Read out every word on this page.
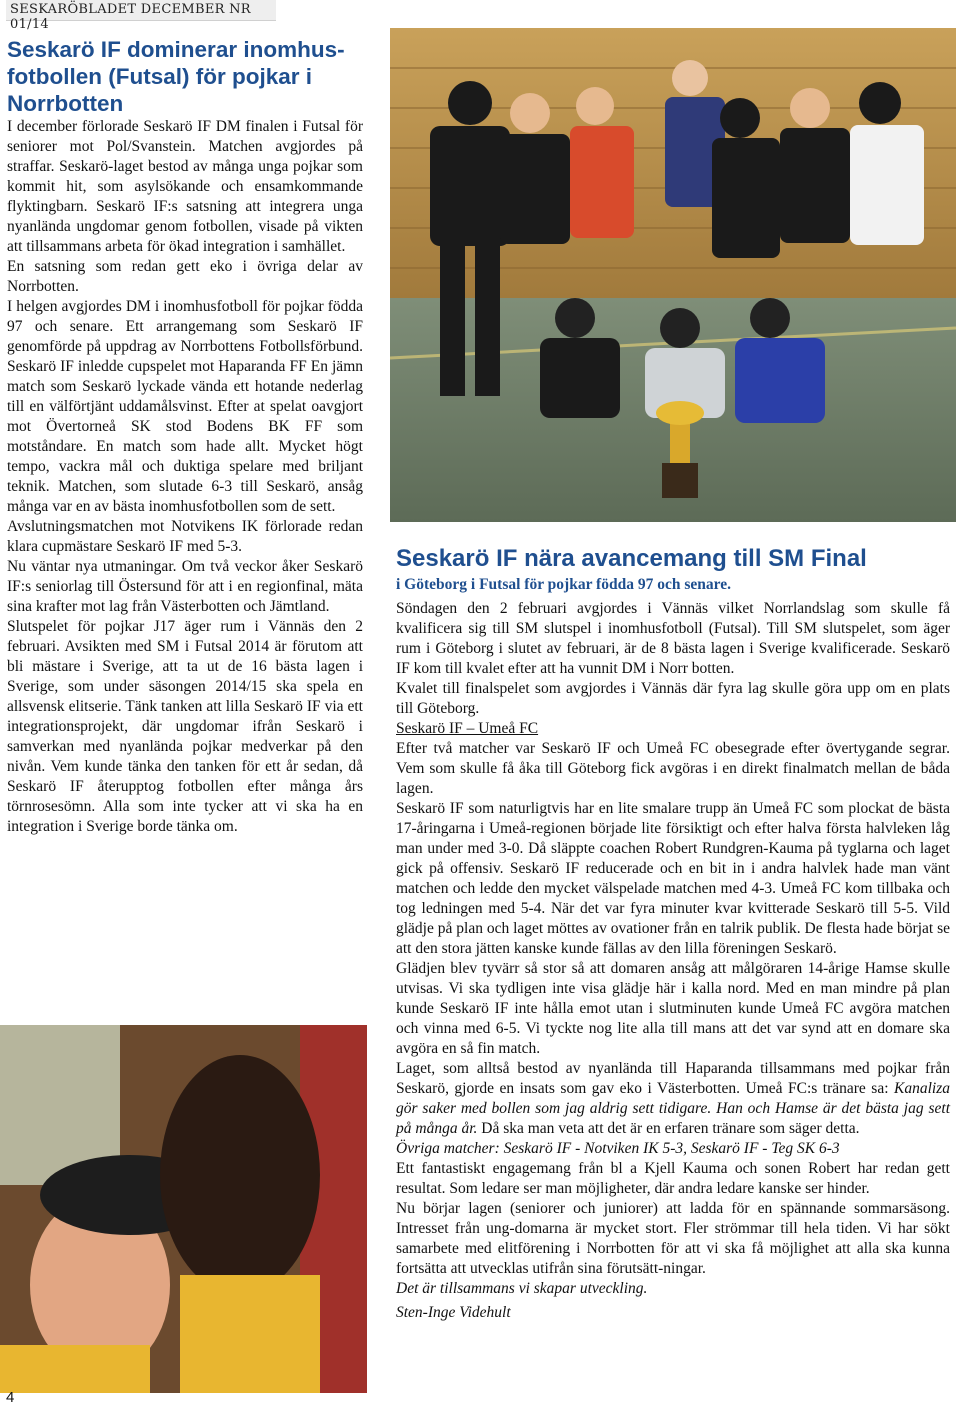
SESKARÖBLADET DECEMBER NR 01/14
Seskarö IF dominerar inomhus-fotbollen (Futsal) för pojkar i Norrbotten

I december förlorade Seskarö IF DM finalen i Futsal för seniorer mot Pol/Svanstein. Matchen avgjordes på straffar. Seskarö-laget bestod av många unga pojkar som kommit hit, som asylsökande och ensamkommande flyktingbarn. Seskarö IF:s satsning att integrera unga nyanlända ungdomar genom fotbollen, visade på vikten att tillsammans arbeta för ökad integration i samhället.
En satsning som redan gett eko i övriga delar av Norrbotten.
I helgen avgjordes DM i inomhusfotboll för pojkar födda 97 och senare. Ett arrangemang som Seskarö IF genomförde på uppdrag av Norrbottens Fotbollsförbund. Seskarö IF inledde cupspelet mot Haparanda FF En jämn match som Seskarö lyckade vända ett hotande nederlag till en välförtjänt uddamålsvinst. Efter at spelat oavgjort mot Övertorneå SK stod Bodens BK FF som motståndare. En match som hade allt. Mycket högt tempo, vackra mål och duktiga spelare med briljant teknik. Matchen, som slutade 6-3 till Seskarö, ansåg många var en av bästa inomhusfotbollen som de sett.
Avslutningsmatchen mot Notvikens IK förlorade redan klara cupmästare Seskarö IF med 5-3.
Nu väntar nya utmaningar. Om två veckor åker Seskarö IF:s seniorlag till Östersund för att i en regionfinal, mäta sina krafter mot lag från Västerbotten och Jämtland.
Slutspelet för pojkar J17 äger rum i Vännäs den 2 februari. Avsikten med SM i Futsal 2014 är förutom att bli mästare i Sverige, att ta ut de 16 bästa lagen i Sverige, som under säsongen 2014/15 ska spela en allsvensk elitserie. Tänk tanken att lilla Seskarö IF via ett integrationsprojekt, där ungdomar ifrån Seskarö i samverkan med nyanlända pojkar medverkar på den nivån. Vem kunde tänka den tanken för ett år sedan, då Seskarö IF återupptog fotbollen efter många års törnrosesömn. Alla som inte tycker att vi ska ha en integration i Sverige borde tänka om.

Seskarö IF nära avancemang till SM Final

i Göteborg i Futsal för pojkar födda 97 och senare.

Söndagen den 2 februari avgjordes i Vännäs vilket Norrlandslag som skulle få kvalificera sig till SM slutspel i inomhusfotboll (Futsal). Till SM slutspelet, som äger rum i Göteborg i slutet av februari, är de 8 bästa lagen i Sverige kvalificerade. Seskarö IF kom till kvalet efter att ha vunnit DM i Norr botten.

Kvalet till finalspelet som avgjordes i Vännäs där fyra lag skulle göra upp om en plats till Göteborg.

Seskarö IF – Umeå FC

Efter två matcher var Seskarö IF och Umeå FC obesegrade efter övertygande segrar. Vem som skulle få åka till Göteborg fick avgöras i en direkt finalmatch mellan de båda lagen.

Seskarö IF som naturligtvis har en lite smalare trupp än Umeå FC som plockat de bästa 17-åringarna i Umeå-regionen började lite försiktigt och efter halva första halvleken låg man under med 3-0. Då släppte coachen Robert Rundgren-Kauma på tyglarna och laget gick på offensiv. Seskarö IF reducerade och en bit in i andra halvlek hade man vänt matchen och ledde den mycket välspelade matchen med 4-3. Umeå FC kom tillbaka och tog ledningen med 5-4. När det var fyra minuter kvar kvitterade Seskarö till 5-5. Vild glädje på plan och laget möttes av ovationer från en talrik publik. De flesta hade börjat se att den stora jätten kanske kunde fällas av den lilla föreningen Seskarö.

Glädjen blev tyvärr så stor så att domaren ansåg att målgöraren 14-årige Hamse skulle utvisas. Vi ska tydligen inte visa glädje här i kalla nord. Med en man mindre på plan kunde Seskarö IF inte hålla emot utan i slutminuten kunde Umeå FC avgöra matchen och vinna med 6-5. Vi tyckte nog lite alla till mans att det var synd att en domare ska avgöra en så fin match.

Laget, som alltså bestod av nyanlända till Haparanda tillsammans med pojkar från Seskarö, gjorde en insats som gav eko i Västerbotten. Umeå FC:s tränare sa: Kanaliza gör saker med bollen som jag aldrig sett tidigare. Han och Hamse är det bästa jag sett på många år. Då ska man veta att det är en erfaren tränare som säger detta.

Övriga matcher: Seskarö IF - Notviken IK 5-3, Seskarö IF - Teg SK 6-3

Ett fantastiskt engagemang från bl a Kjell Kauma och sonen Robert har redan gett resultat. Som ledare ser man möjligheter, där andra ledare kanske ser hinder.

Nu börjar lagen (seniorer och juniorer) att ladda för en spännande sommarsäsong. Intresset från ung-domarna är mycket stort. Fler strömmar till hela tiden. Vi har sökt samarbete med elitförening i Norrbotten för att vi ska få möjlighet att alla ska kunna fortsätta att utvecklas utifrån sina förutsätt-ningar.

Det är tillsammans vi skapar utveckling.

Sten-Inge Videhult

4
